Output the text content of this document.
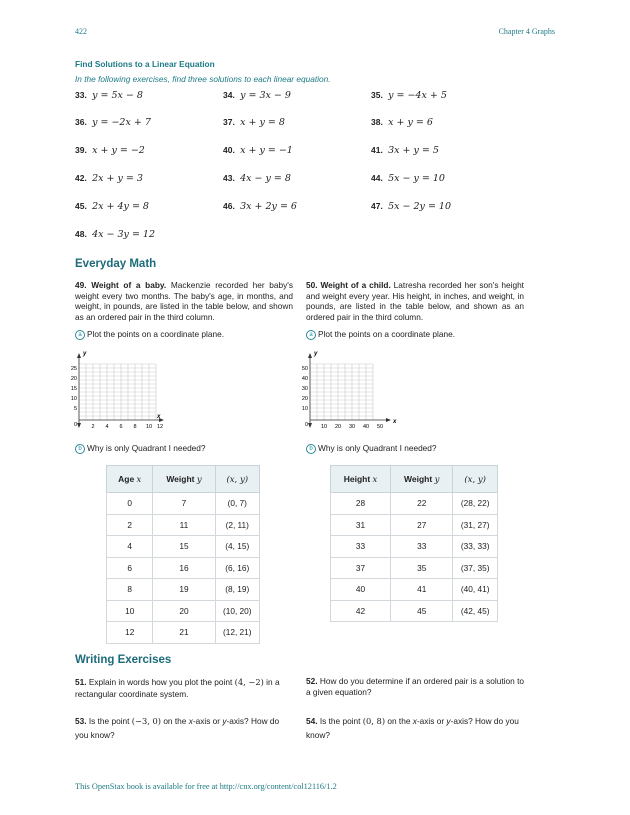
422	Chapter 4 Graphs
Find Solutions to a Linear Equation
In the following exercises, find three solutions to each linear equation.
33. y = 5x − 8	34. y = 3x − 9	35. y = −4x + 5
36. y = −2x + 7	37. x + y = 8	38. x + y = 6
39. x + y = −2	40. x + y = −1	41. 3x + y = 5
42. 2x + y = 3	43. 4x − y = 8	44. 5x − y = 10
45. 2x + 4y = 8	46. 3x + 2y = 6	47. 5x − 2y = 10
48. 4x − 3y = 12
Everyday Math
49. Weight of a baby. Mackenzie recorded her baby's weight every two months. The baby's age, in months, and weight, in pounds, are listed in the table below, and shown as an ordered pair in the third column.
a Plot the points on a coordinate plane.
y
x
0
25
20
15
10
5
2 4 6 8 10 12
b Why is only Quadrant I needed?
Age x	Weight y	(x, y)
0	7	(0, 7)
2	11	(2, 11)
4	15	(4, 15)
6	16	(6, 16)
8	19	(8, 19)
10	20	(10, 20)
12	21	(12, 21)
50. Weight of a child. Latresha recorded her son's height and weight every year. His height, in inches, and weight, in pounds, are listed in the table below, and shown as an ordered pair in the third column.
a Plot the points on a coordinate plane.
y
x
0
50
40
30
20
10
10 20 30 40 50
b Why is only Quadrant I needed?
Height x	Weight y	(x, y)
28	22	(28, 22)
31	27	(31, 27)
33	33	(33, 33)
37	35	(37, 35)
40	41	(40, 41)
42	45	(42, 45)
Writing Exercises
51. Explain in words how you plot the point (4, −2) in a rectangular coordinate system.
52. How do you determine if an ordered pair is a solution to a given equation?
53. Is the point (−3, 0) on the x-axis or y-axis? How do you know?
54. Is the point (0, 8) on the x-axis or y-axis? How do you know?
This OpenStax book is available for free at http://cnx.org/content/col12116/1.2
